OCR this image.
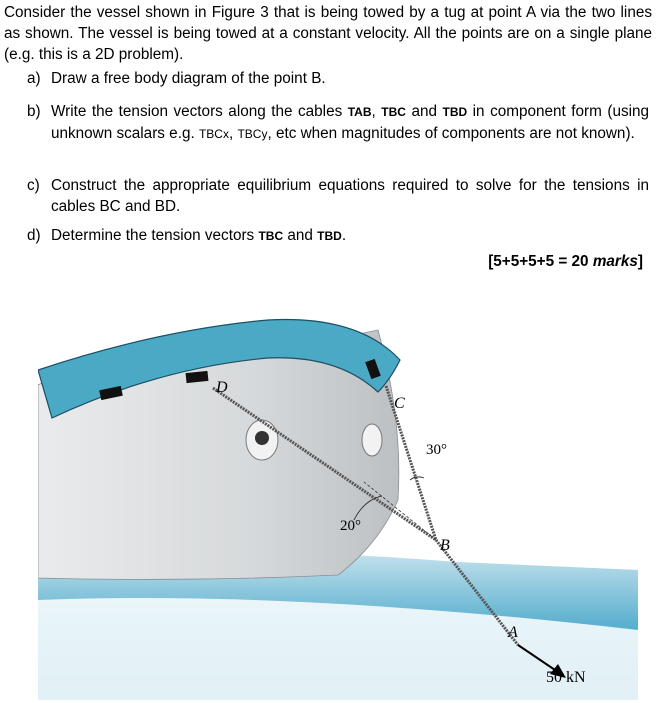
Consider the vessel shown in Figure 3 that is being towed by a tug at point A via the two lines as shown. The vessel is being towed at a constant velocity. All the points are on a single plane (e.g. this is a 2D problem).
a) Draw a free body diagram of the point B.
b) Write the tension vectors along the cables TAB, TBC and TBD in component form (using unknown scalars e.g. TBCx, TBCy, etc when magnitudes of components are not known).
c) Construct the appropriate equilibrium equations required to solve for the tensions in cables BC and BD.
d) Determine the tension vectors TBC and TBD.
[5+5+5+5 = 20 marks]
D
C
B
A
30°
20°
50 kN
